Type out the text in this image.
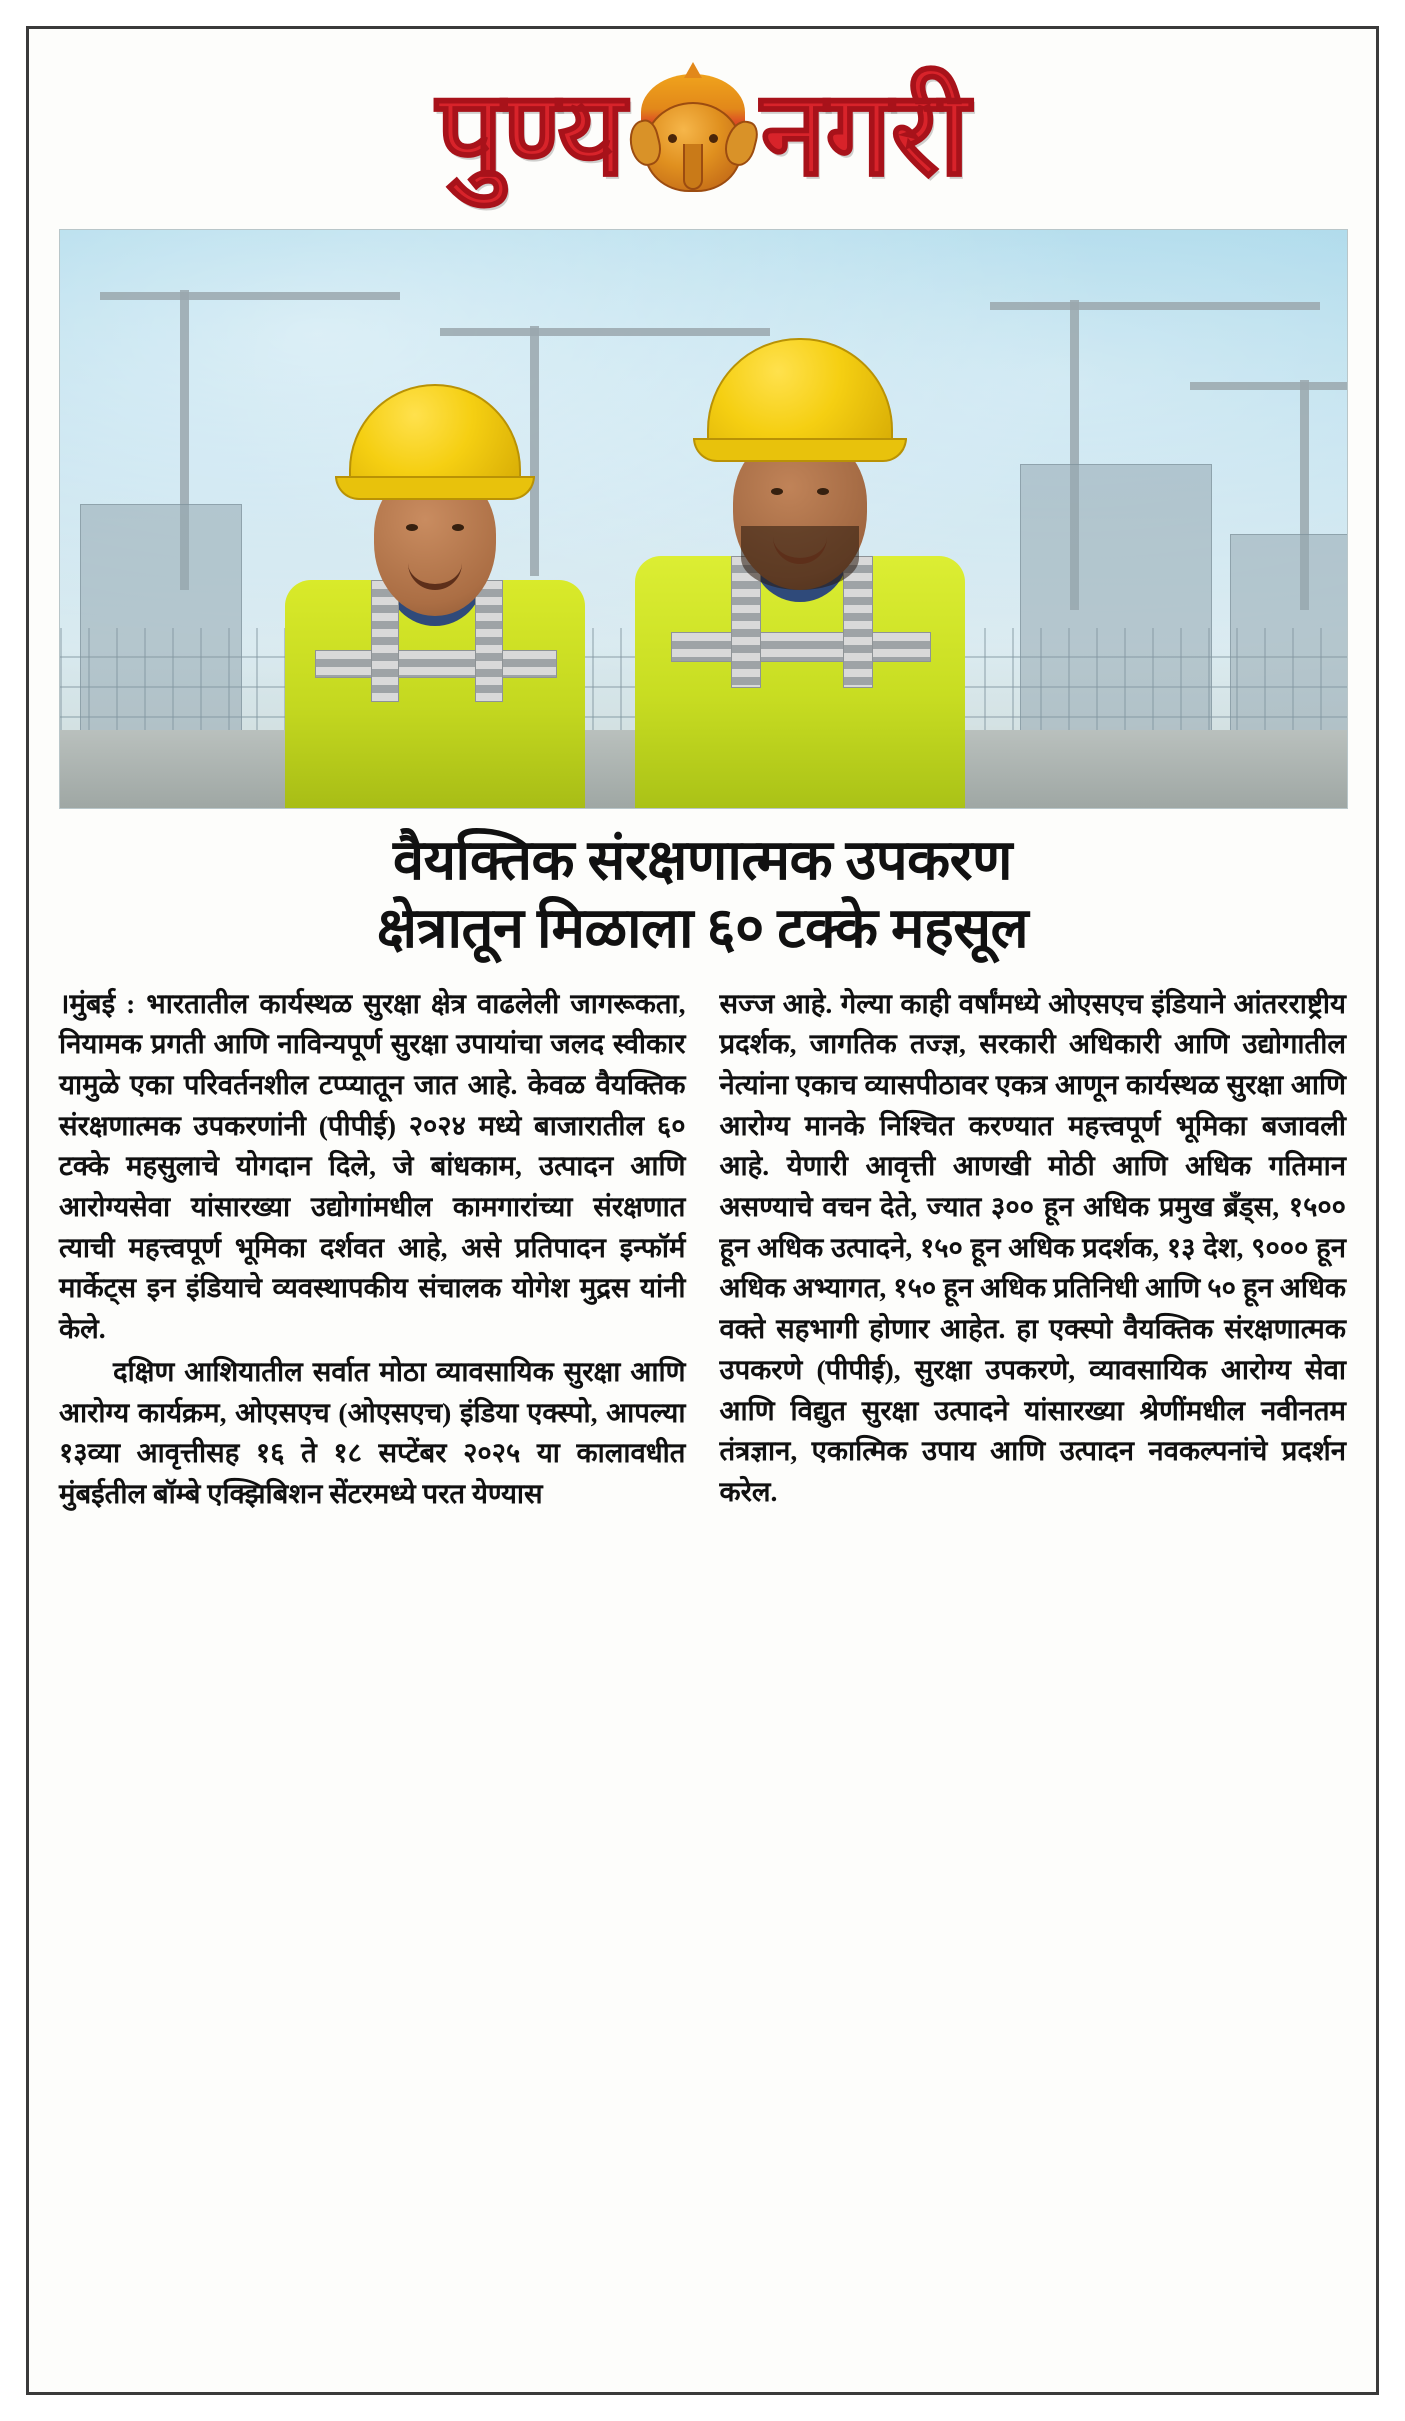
पुण्य नगरी
वैयक्तिक संरक्षणात्मक उपकरण
क्षेत्रातून मिळाला ६० टक्के महसूल

।मुंबई : भारतातील कार्यस्थळ सुरक्षा क्षेत्र वाढलेली जागरूकता, नियामक प्रगती आणि नाविन्यपूर्ण सुरक्षा उपायांचा जलद स्वीकार यामुळे एका परिवर्तनशील टप्प्यातून जात आहे. केवळ वैयक्तिक संरक्षणात्मक उपकरणांनी (पीपीई) २०२४ मध्ये बाजारातील ६० टक्के महसुलाचे योगदान दिले, जे बांधकाम, उत्पादन आणि आरोग्यसेवा यांसारख्या उद्योगांमधील कामगारांच्या संरक्षणात त्याची महत्त्वपूर्ण भूमिका दर्शवत आहे, असे प्रतिपादन इन्फॉर्म मार्केट्स इन इंडियाचे व्यवस्थापकीय संचालक योगेश मुद्रस यांनी केले.

दक्षिण आशियातील सर्वात मोठा व्यावसायिक सुरक्षा आणि आरोग्य कार्यक्रम, ओएसएच (ओएसएच) इंडिया एक्स्पो, आपल्या १३व्या आवृत्तीसह १६ ते १८ सप्टेंबर २०२५ या कालावधीत मुंबईतील बॉम्बे एक्झिबिशन सेंटरमध्ये परत येण्यास

सज्ज आहे. गेल्या काही वर्षांमध्ये ओएसएच इंडियाने आंतरराष्ट्रीय प्रदर्शक, जागतिक तज्ज्ञ, सरकारी अधिकारी आणि उद्योगातील नेत्यांना एकाच व्यासपीठावर एकत्र आणून कार्यस्थळ सुरक्षा आणि आरोग्य मानके निश्चित करण्यात महत्त्वपूर्ण भूमिका बजावली आहे. येणारी आवृत्ती आणखी मोठी आणि अधिक गतिमान असण्याचे वचन देते, ज्यात ३०० हून अधिक प्रमुख ब्रँड्स, १५०० हून अधिक उत्पादने, १५० हून अधिक प्रदर्शक, १३ देश, ९००० हून अधिक अभ्यागत, १५० हून अधिक प्रतिनिधी आणि ५० हून अधिक वक्ते सहभागी होणार आहेत. हा एक्स्पो वैयक्तिक संरक्षणात्मक उपकरणे (पीपीई), सुरक्षा उपकरणे, व्यावसायिक आरोग्य सेवा आणि विद्युत सुरक्षा उत्पादने यांसारख्या श्रेणींमधील नवीनतम तंत्रज्ञान, एकात्मिक उपाय आणि उत्पादन नवकल्पनांचे प्रदर्शन करेल.
